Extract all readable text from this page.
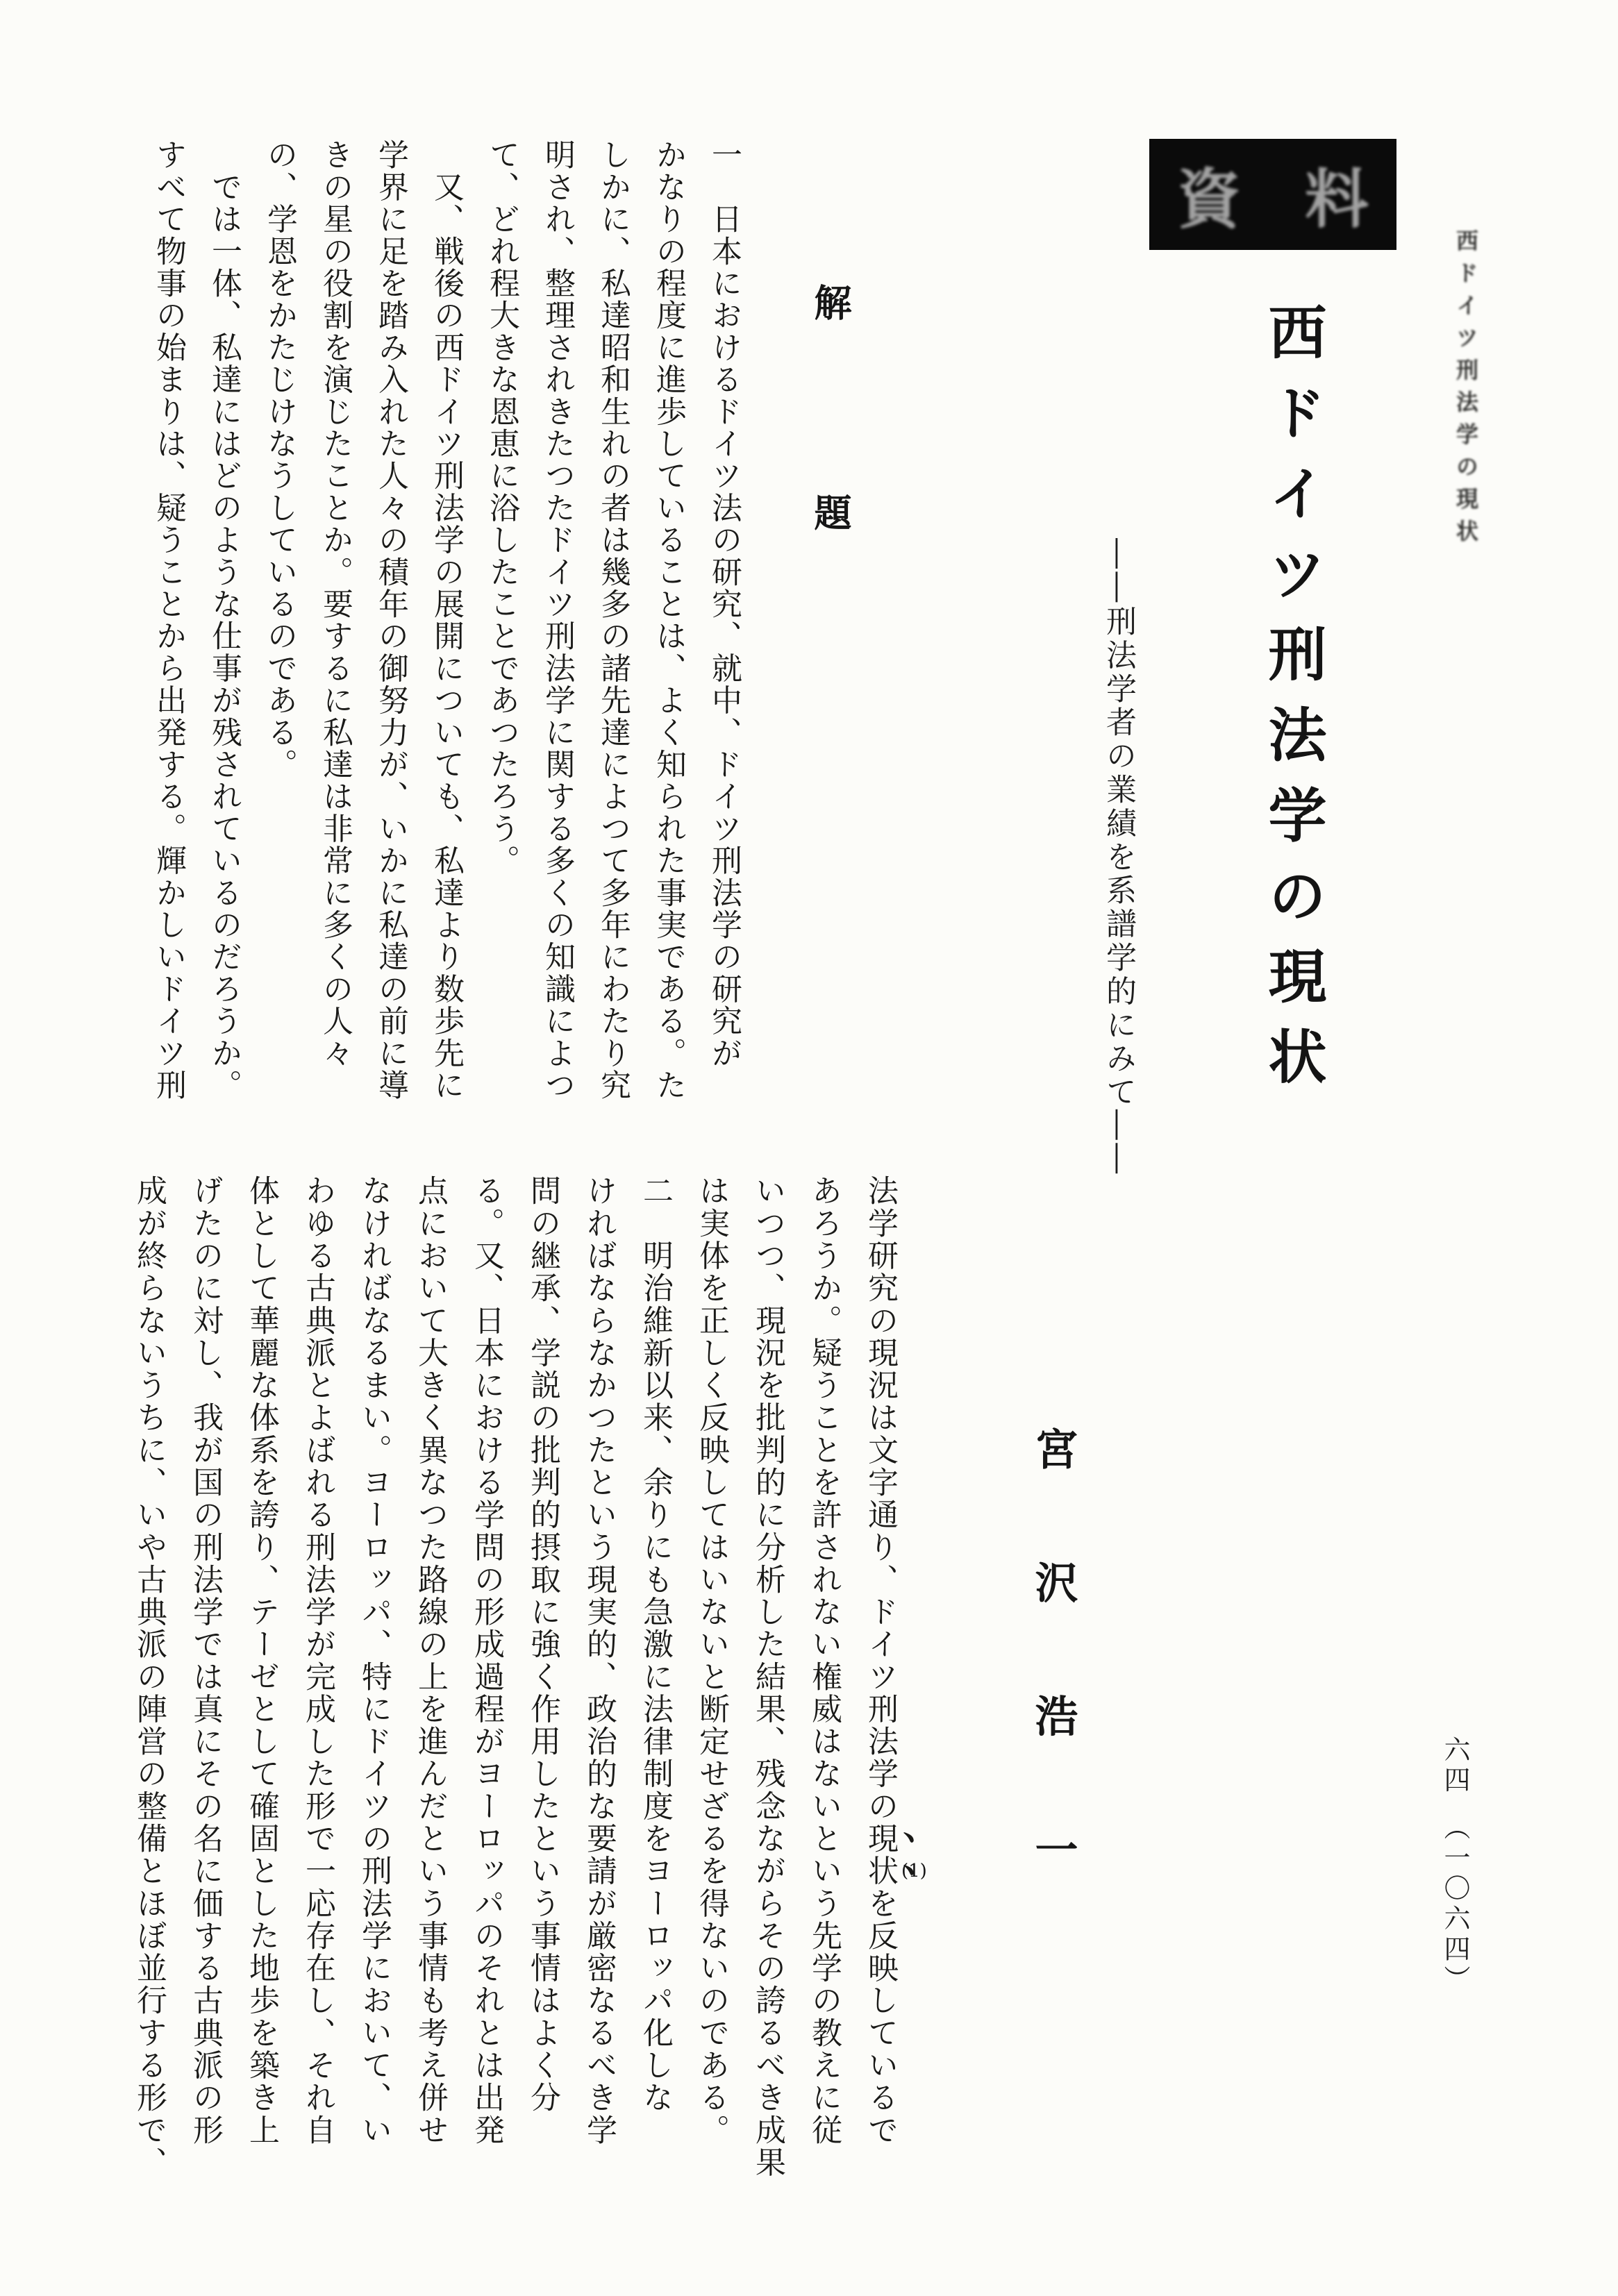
西ドイツ刑法学の現状
資　料
西ドイツ刑法学の現状
――刑法学者の業績を系譜学的にみて――
宮沢浩一
解　題
一　日本におけるドイツ法の研究、就中、ドイツ刑法学の研究が
かなりの程度に進歩していることは、よく知られた事実である。た
しかに、私達昭和生れの者は幾多の諸先達によつて多年にわたり究
明され、整理されきたつたドイツ刑法学に関する多くの知識によつ
て、どれ程大きな恩恵に浴したことであつたろう。
　又、戦後の西ドイツ刑法学の展開についても、私達より数歩先に
学界に足を踏み入れた人々の積年の御努力が、いかに私達の前に導
きの星の役割を演じたことか。要するに私達は非常に多くの人々
の、学恩をかたじけなうしているのである。
　では一体、私達にはどのような仕事が残されているのだろうか。
すべて物事の始まりは、疑うことから出発する。輝かしいドイツ刑
法学研究の現況は文字通り、ドイツ刑法学の現状を反映しているで
あろうか。疑うことを許されない権威はないという先学の教えに従
いつつ、現況を批判的に分析した結果、残念ながらその誇るべき成果
は実体を正しく反映してはいないと断定せざるを得ないのである。
二　明治維新以来、余りにも急激に法律制度をヨーロッパ化しな
ければならなかつたという現実的、政治的な要請が厳密なるべき学
問の継承、学説の批判的摂取に強く作用したという事情はよく分
る。又、日本における学問の形成過程がヨーロッパのそれとは出発
点において大きく異なつた路線の上を進んだという事情も考え併せ
なければなるまい。ヨーロッパ、特にドイツの刑法学において、い
わゆる古典派とよばれる刑法学が完成した形で一応存在し、それ自
体として華麗な体系を誇り、テーゼとして確固とした地歩を築き上
げたのに対し、我が国の刑法学では真にその名に価する古典派の形
成が終らないうちに、いや古典派の陣営の整備とほぼ並行する形で、	(1)	六四　（一〇六四）
